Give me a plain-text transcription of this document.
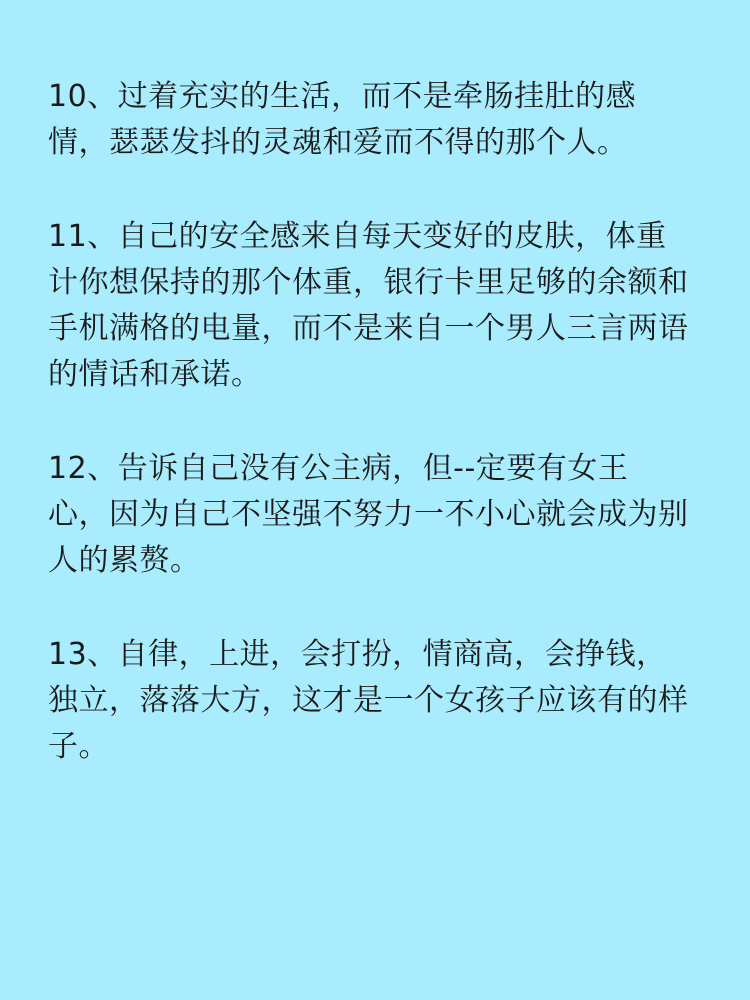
10、过着充实的生活，而不是牵肠挂肚的感
情，瑟瑟发抖的灵魂和爱而不得的那个人。
11、自己的安全感来自每天变好的皮肤，体重
计你想保持的那个体重，银行卡里足够的余额和
手机满格的电量，而不是来自一个男人三言两语
的情话和承诺。
12、告诉自己没有公主病，但--定要有女王
心，因为自己不坚强不努力一不小心就会成为别
人的累赘。
13、自律，上进，会打扮，情商高，会挣钱，
独立，落落大方，这才是一个女孩子应该有的样
子。
